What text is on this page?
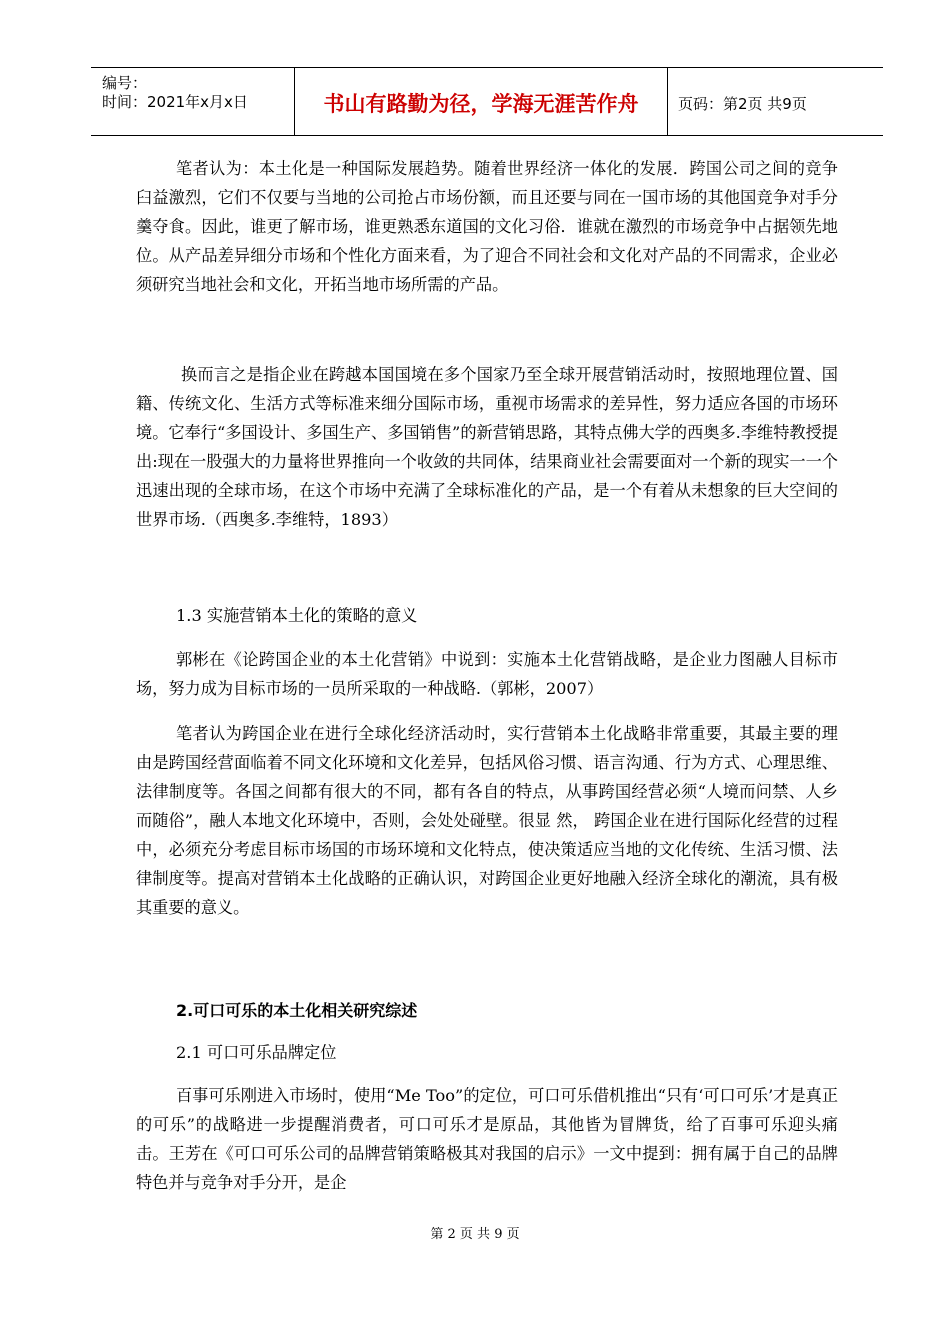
编号：
时间：2021年x月x日	书山有路勤为径，学海无涯苦作舟	页码：第2页 共9页

笔者认为：本土化是一种国际发展趋势。随着世界经济一体化的发展．跨国公司之间的竞争臼益激烈，它们不仅要与当地的公司抢占市场份额，而且还要与同在一国市场的其他国竞争对手分羹夺食。因此，谁更了解市场，谁更熟悉东道国的文化习俗．谁就在激烈的市场竞争中占据领先地位。从产品差异细分市场和个性化方面来看，为了迎合不同社会和文化对产品的不同需求，企业必须研究当地社会和文化，开拓当地市场所需的产品。

换而言之是指企业在跨越本国国境在多个国家乃至全球开展营销活动时，按照地理位置、国籍、传统文化、生活方式等标准来细分国际市场，重视市场需求的差异性，努力适应各国的市场环境。它奉行“多国设计、多国生产、多国销售”的新营销思路，其特点佛大学的西奥多.李维特教授提出:现在一股强大的力量将世界推向一个收敛的共同体，结果商业社会需要面对一个新的现实一一个迅速出现的全球市场，在这个市场中充满了全球标准化的产品，是一个有着从未想象的巨大空间的世界市场.（西奥多.李维特，1893）

1.3 实施营销本土化的策略的意义

郭彬在《论跨国企业的本土化营销》中说到：实施本土化营销战略，是企业力图融人目标市场，努力成为目标市场的一员所采取的一种战略.（郭彬，2007）

笔者认为跨国企业在进行全球化经济活动时，实行营销本土化战略非常重要，其最主要的理由是跨国经营面临着不同文化环境和文化差异，包括风俗习惯、语言沟通、行为方式、心理思维、法律制度等。各国之间都有很大的不同，都有各自的特点，从事跨国经营必须“人境而问禁、人乡而随俗”，融人本地文化环境中，否则，会处处碰壁。很显 然， 跨国企业在进行国际化经营的过程中，必须充分考虑目标市场国的市场环境和文化特点，使决策适应当地的文化传统、生活习惯、法律制度等。提高对营销本土化战略的正确认识，对跨国企业更好地融入经济全球化的潮流，具有极其重要的意义。

2.可口可乐的本土化相关研究综述

2.1 可口可乐品牌定位

百事可乐刚进入市场时，使用“Me Too”的定位，可口可乐借机推出“只有‘可口可乐’才是真正的可乐”的战略进一步提醒消费者，可口可乐才是原品，其他皆为冒牌货，给了百事可乐迎头痛击。王芳在《可口可乐公司的品牌营销策略极其对我国的启示》一文中提到：拥有属于自己的品牌特色并与竞争对手分开，是企

第 2 页 共 9 页
